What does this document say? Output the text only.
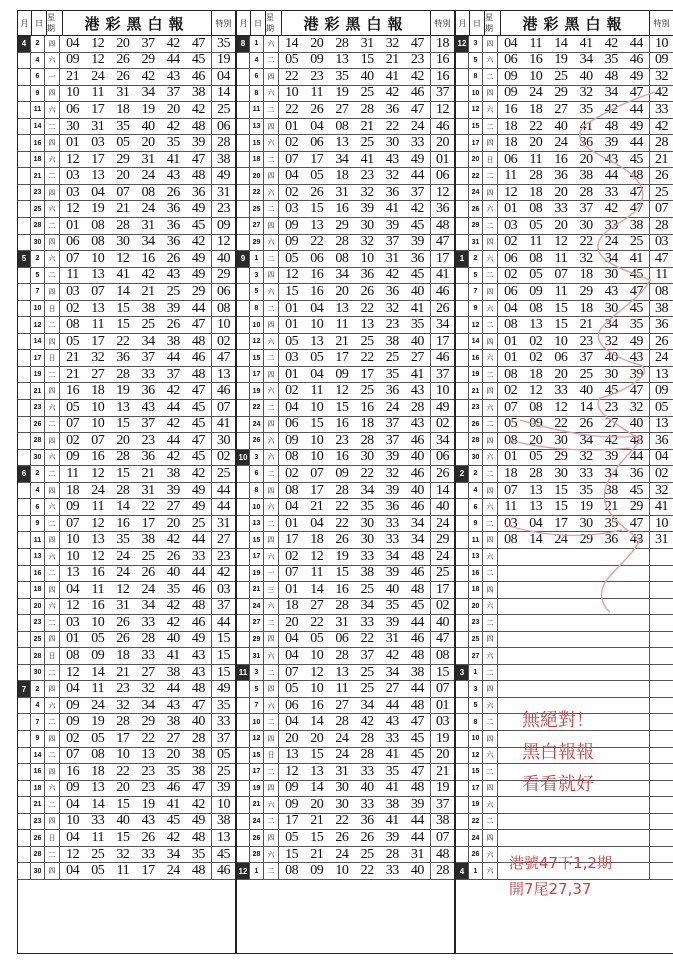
月 日
星期	港彩黑白報	特別
4	2	四 04 12 20 37 42 47 35
4	六 09 12 26 29 44 45 19
6	一 21 24 26 42 43 46 04
9	四 10 11 31 34 37 38 14
11	六 06 17 18 19 20 42 25
14	二 30 31 35 40 42 48 06
16	四 01 03 05 20 35 39 28
18	六 12 17 29 31 41 47 38
21	二 03 13 20 24 43 48 49
23	四 03 04 07 08 26 36 31
25	六 12 19 21 24 36 49 23
28	二 01 08 28 31 36 45 09
30	四 06 08 30 34 36 42 12
5	2	六 07 10 12 16 26 49 40
5	二 11 13 41 42 43 49 29
7	四 03 07 14 21 25 29 06
10	日 02 13 15 38 39 44 08
12	二 08 11 15 25 26 47 10
14	四 05 17 22 34 38 48 02
17	日 21 32 36 37 44 46 47
19	二 21 27 28 33 37 48 13
21	四 16 18 19 36 42 47 46
23	六 05 10 13 43 44 45 07
26	二 07 10 15 37 42 45 41
28	四 02 07 20 23 44 47 30
30	六 09 16 28 36 42 45 02
6	2	二 11 12 15 21 38 42 25
4	四 18 24 28 31 39 49 44
6	六 09 11 14 22 27 49 44
9	二 07 12 16 17 20 25 31
11	四 10 13 35 38 42 44 27
13	六 10 12 24 25 26 33 23
16	二 13 16 24 26 40 44 42
18	四 04 11 12 24 35 46 03
20	六 12 16 31 34 42 48 37
23	二 03 10 26 33 42 46 44
25	四 01 05 26 28 40 49 15
28	日 08 09 18 33 41 43 15
30	二 12 14 21 27 38 43 15
7	2	四 04 11 23 32 44 48 49
4	六 09 24 32 34 43 47 35
7	二 09 19 28 29 38 40 33
9	四 02 05 17 22 27 28 37
14	二 07 08 10 13 20 38 05
16	四 16 18 22 23 35 38 25
18	六 09 13 20 23 46 47 39
21	二 04 14 15 19 41 42 10
23	四 10 33 40 43 45 49 38
26	日 04 11 15 26 42 48 13
28	二 12 25 32 33 34 35 45
30	四 04 05 11 17 24 48 46
月 日
星期	港彩黑白報	特別
8	1	六 14 20 28 31 32 47 18
4	二 05 09 13 15 21 23 16
6	四 22 23 35 40 41 42 16
8	六 10 11 19 25 42 46 37
11	二 22 26 27 28 36 47 12
13	四 01 04 08 21 22 24 46
15	六 02 06 13 25 30 33 20
18	二 07 17 34 41 43 49 01
20	四 04 05 18 23 32 44 06
22	六 02 26 31 32 36 37 12
25	二 03 15 16 39 41 42 36
27	四 09 13 29 30 39 45 48
29	六 09 22 28 32 37 39 47
9	1	二 05 06 08 10 31 36 17
3	四 12 16 34 36 42 45 41
5	六 15 16 20 26 36 40 46
8	二 01 04 13 22 32 41 26
10	四 01 10 11 13 23 35 34
12	六 05 13 21 25 38 40 17
15	二 03 05 17 22 25 27 46
17	四 01 04 09 17 35 41 37
19	六 02 11 12 25 36 43 10
22	二 04 10 15 16 24 28 49
24	四 06 15 16 18 37 43 02
26	六 09 10 23 28 37 46 34
10	3	六 08 10 16 30 39 40 06
6	二 02 07 09 22 32 46 26
8	四 08 17 28 34 39 40 14
10	六 04 21 22 35 36 46 40
13	二 01 04 22 30 33 34 24
15	四 17 18 26 30 33 34 29
17	六 02 12 19 33 34 48 24
19	一 07 11 15 38 39 46 25
21	三 01 14 16 25 40 48 17
24	六 18 27 28 34 35 45 02
27	二 20 22 31 33 39 44 40
29	四 04 05 06 22 31 46 47
31	六 04 10 28 37 42 48 08
11	3	二 07 12 13 25 34 38 15
5	四 05 10 11 25 27 44 07
7	六 06 16 27 34 44 48 01
10	二 04 14 28 42 43 47 03
12	四 20 20 24 28 33 45 19
15	日 13 15 24 28 41 45 20
17	二 12 13 31 33 35 47 21
19	四 09 14 30 40 41 48 19
21	六 09 20 30 33 38 39 37
24	二 17 21 22 36 41 44 38
26	四 05 15 26 26 39 44 07
28	六 15 21 24 25 28 31 48
12	1	二 08 09 10 22 33 40 28
月 日
星期	港彩黑白報	特別
12	3	四 04 11 14 41 42 44 10
5	六 06 16 19 34 35 46 09
8	二 09 10 25 40 48 49 32
10	四 09 24 29 32 34 47 42
12	六 16 18 27 35 42 44 33
15	二 18 22 40 41 48 49 42
17	四 18 20 24 36 39 44 28
20	日 06 11 16 20 43 45 21
22	二 11 28 36 38 44 48 26
24	四 12 18 20 28 33 47 25
26	六 01 08 33 37 42 47 07
29	二 03 05 20 30 33 38 28
31	四 02 11 12 22 24 25 03
1	2	六 06 08 11 32 34 41 47
5	二 02 05 07 18 30 45 11
7	四 06 09 11 29 43 47 08
9	六 04 08 15 18 30 45 38
12	二 08 13 15 21 34 35 36
14	四 01 02 10 23 32 49 26
16	六 01 02 06 37 40 43 24
19	二 08 18 20 25 30 39 13
21	四 02 12 33 40 45 47 09
23	六 07 08 12 14 23 32 05
26	二 05 09 22 26 27 40 13
28	四 08 20 30 34 42 48 36
30	六 01 05 29 32 39 44 04
2	2	二 18 28 30 33 34 36 02
4	四 07 13 15 35 38 45 32
6	六 11 13 15 19 21 29 41
9	二 03 04 17 30 35 47 10
11	四 08 14 24 29 36 43 31
13	六
16	二
18	四
20	六
23	二
25	四
27	六
3	1	二
3	四
5	六
8	二
10	四
12	六
15	二
17	四
19	六
22	二
24	四
26	六
4	1	六
無絕對！
黑白報報
看看就好
港號47下1,2期
開7尾27,37
